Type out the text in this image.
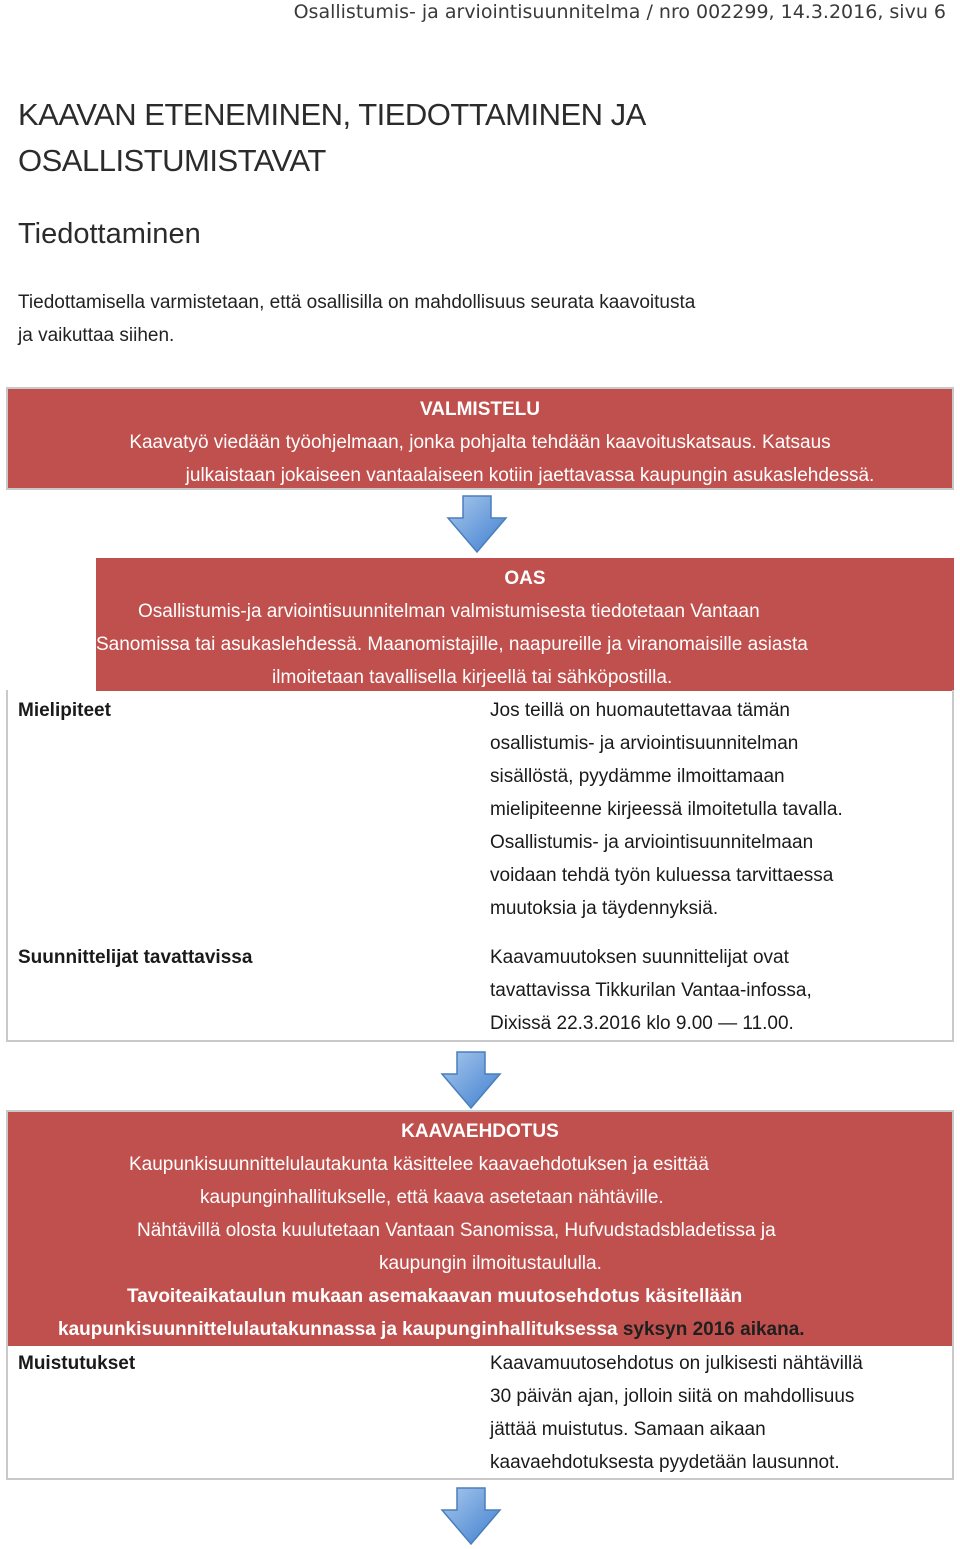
Osallistumis- ja arviointisuunnitelma / nro 002299, 14.3.2016, sivu 6
KAAVAN ETENEMINEN, TIEDOTTAMINEN JA
OSALLISTUMISTAVAT
Tiedottaminen
Tiedottamisella varmistetaan, että osallisilla on mahdollisuus seurata kaavoitusta
ja vaikuttaa siihen.
VALMISTELU
Kaavatyö viedään työohjelmaan, jonka pohjalta tehdään kaavoituskatsaus. Katsaus
julkaistaan jokaiseen vantaalaiseen kotiin jaettavassa kaupungin asukaslehdessä.
OAS
Osallistumis-ja arviointisuunnitelman valmistumisesta tiedotetaan Vantaan
Sanomissa tai asukaslehdessä. Maanomistajille, naapureille ja viranomaisille asiasta
ilmoitetaan tavallisella kirjeellä tai sähköpostilla.
Mielipiteet	Jos teillä on huomautettavaa tämän
osallistumis- ja arviointisuunnitelman
sisällöstä, pyydämme ilmoittamaan
mielipiteenne kirjeessä ilmoitetulla tavalla.
Osallistumis- ja arviointisuunnitelmaan
voidaan tehdä työn kuluessa tarvittaessa
muutoksia ja täydennyksiä.
Suunnittelijat tavattavissa	Kaavamuutoksen suunnittelijat ovat
tavattavissa Tikkurilan Vantaa-infossa,
Dixissä 22.3.2016 klo 9.00 — 11.00.
KAAVAEHDOTUS
Kaupunkisuunnittelulautakunta käsittelee kaavaehdotuksen ja esittää
kaupunginhallitukselle, että kaava asetetaan nähtäville.
Nähtävillä olosta kuulutetaan Vantaan Sanomissa, Hufvudstadsbladetissa ja
kaupungin ilmoitustaululla.
Tavoiteaikataulun mukaan asemakaavan muutosehdotus käsitellään
kaupunkisuunnittelulautakunnassa ja kaupunginhallituksessa syksyn 2016 aikana.
Muistutukset	Kaavamuutosehdotus on julkisesti nähtävillä
30 päivän ajan, jolloin siitä on mahdollisuus
jättää muistutus. Samaan aikaan
kaavaehdotuksesta pyydetään lausunnot.
